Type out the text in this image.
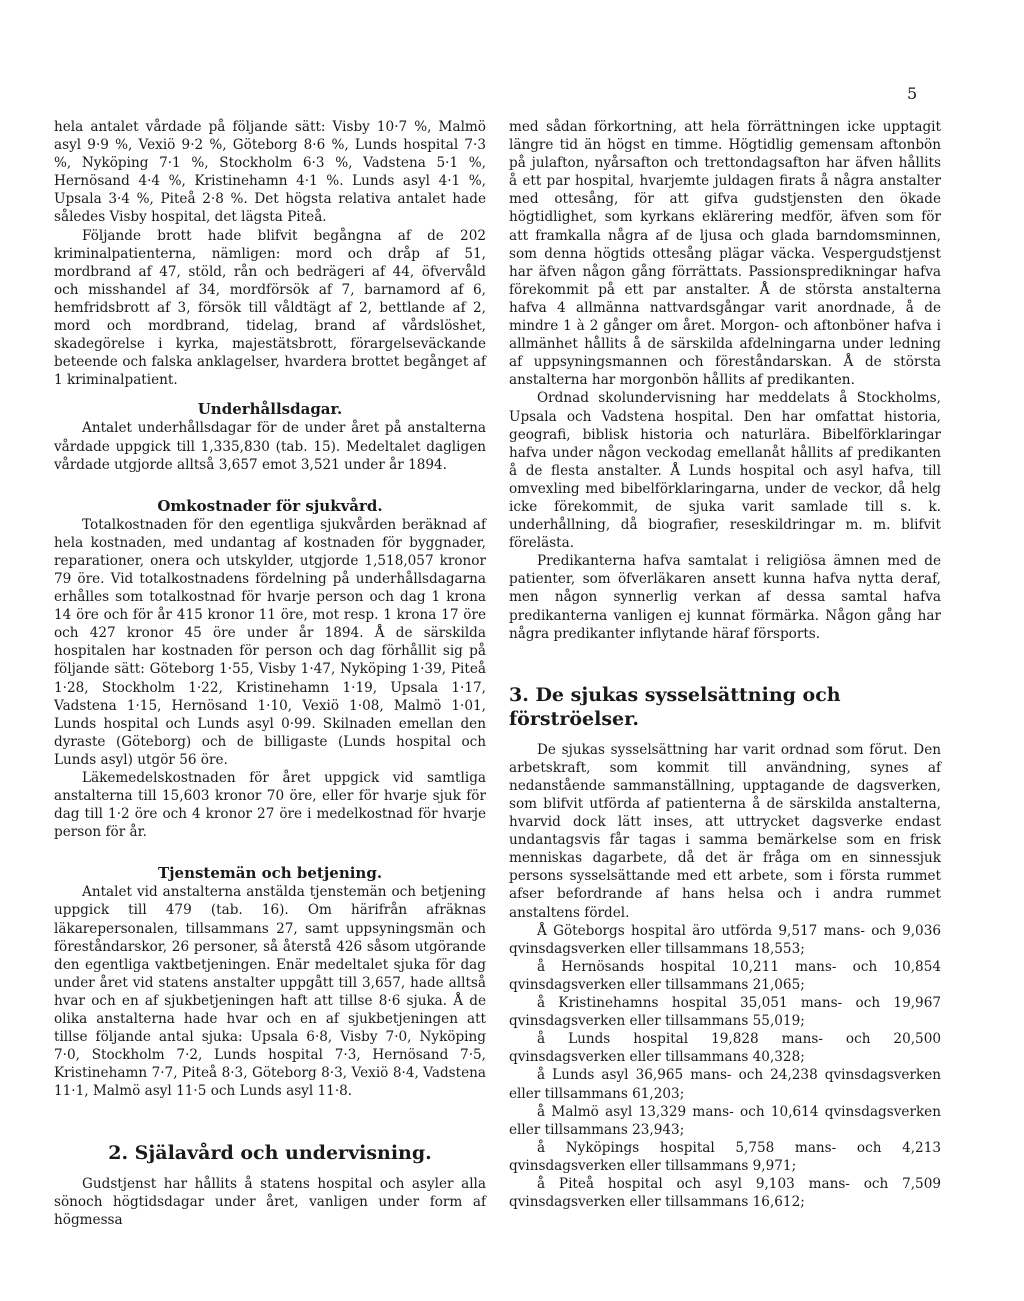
5

hela antalet vårdade på följande sätt: Visby 10·7 %, Malmö asyl 9·9 %, Vexiö 9·2 %, Göteborg 8·6 %, Lunds hospital 7·3 %, Nyköping 7·1 %, Stockholm 6·3 %, Vadstena 5·1 %, Hernösand 4·4 %, Kristinehamn 4·1 %. Lunds asyl 4·1 %, Upsala 3·4 %, Piteå 2·8 %. Det högsta relativa antalet hade således Visby hospital, det lägsta Piteå.

Följande brott hade blifvit begångna af de 202 kriminalpatienterna, nämligen: mord och dråp af 51, mordbrand af 47, stöld, rån och bedrägeri af 44, öfvervåld och misshandel af 34, mordförsök af 7, barnamord af 6, hemfridsbrott af 3, försök till våldtägt af 2, bettlande af 2, mord och mordbrand, tidelag, brand af vårdslöshet, skadegörelse i kyrka, majestätsbrott, förargelseväckande beteende och falska anklagelser, hvardera brottet begånget af 1 kriminalpatient.

Underhållsdagar.

Antalet underhållsdagar för de under året på anstalterna vårdade uppgick till 1,335,830 (tab. 15). Medeltalet dagligen vårdade utgjorde alltså 3,657 emot 3,521 under år 1894.

Omkostnader för sjukvård.

Totalkostnaden för den egentliga sjukvården beräknad af hela kostnaden, med undantag af kostnaden för byggnader, reparationer, onera och utskylder, utgjorde 1,518,057 kronor 79 öre. Vid totalkostnadens fördelning på underhållsdagarna erhålles som totalkostnad för hvarje person och dag 1 krona 14 öre och för år 415 kronor 11 öre, mot resp. 1 krona 17 öre och 427 kronor 45 öre under år 1894. Å de särskilda hospitalen har kostnaden för person och dag förhållit sig på följande sätt: Göteborg 1·55, Visby 1·47, Nyköping 1·39, Piteå 1·28, Stockholm 1·22, Kristinehamn 1·19, Upsala 1·17, Vadstena 1·15, Hernösand 1·10, Vexiö 1·08, Malmö 1·01, Lunds hospital och Lunds asyl 0·99. Skilnaden emellan den dyraste (Göteborg) och de billigaste (Lunds hospital och Lunds asyl) utgör 56 öre.

Läkemedelskostnaden för året uppgick vid samtliga anstalterna till 15,603 kronor 70 öre, eller för hvarje sjuk för dag till 1·2 öre och 4 kronor 27 öre i medelkostnad för hvarje person för år.

Tjenstemän och betjening.

Antalet vid anstalterna anstälda tjenstemän och betjening uppgick till 479 (tab. 16). Om härifrån afräknas läkarepersonalen, tillsammans 27, samt uppsyningsmän och föreståndarskor, 26 personer, så återstå 426 såsom utgörande den egentliga vaktbetjeningen. Enär medeltalet sjuka för dag under året vid statens anstalter uppgått till 3,657, hade alltså hvar och en af sjukbetjeningen haft att tillse 8·6 sjuka. Å de olika anstalterna hade hvar och en af sjukbetjeningen att tillse följande antal sjuka: Upsala 6·8, Visby 7·0, Nyköping 7·0, Stockholm 7·2, Lunds hospital 7·3, Hernösand 7·5, Kristinehamn 7·7, Piteå 8·3, Göteborg 8·3, Vexiö 8·4, Vadstena 11·1, Malmö asyl 11·5 och Lunds asyl 11·8.

2. Själavård och undervisning.

Gudstjenst har hållits å statens hospital och asyler alla sönoch högtidsdagar under året, vanligen under form af högmessa

med sådan förkortning, att hela förrättningen icke upptagit längre tid än högst en timme. Högtidlig gemensam aftonbön på julafton, nyårsafton och trettondagsafton har äfven hållits å ett par hospital, hvarjemte juldagen firats å några anstalter med ottesång, för att gifva gudstjensten den ökade högtidlighet, som kyrkans eklärering medför, äfven som för att framkalla några af de ljusa och glada barndomsminnen, som denna högtids ottesång plägar väcka. Vespergudstjenst har äfven någon gång förrättats. Passionspredikningar hafva förekommit på ett par anstalter. Å de största anstalterna hafva 4 allmänna nattvardsgångar varit anordnade, å de mindre 1 à 2 gånger om året. Morgon- och aftonböner hafva i allmänhet hållits å de särskilda afdelningarna under ledning af uppsyningsmannen och föreståndarskan. Å de största anstalterna har morgonbön hållits af predikanten.

Ordnad skolundervisning har meddelats å Stockholms, Upsala och Vadstena hospital. Den har omfattat historia, geografi, biblisk historia och naturlära. Bibelförklaringar hafva under någon veckodag emellanåt hållits af predikanten å de flesta anstalter. Å Lunds hospital och asyl hafva, till omvexling med bibelförklaringarna, under de veckor, då helg icke förekommit, de sjuka varit samlade till s. k. underhållning, då biografier, reseskildringar m. m. blifvit förelästa.

Predikanterna hafva samtalat i religiösa ämnen med de patienter, som öfverläkaren ansett kunna hafva nytta deraf, men någon synnerlig verkan af dessa samtal hafva predikanterna vanligen ej kunnat förmärka. Någon gång har några predikanter inflytande häraf försports.

3. De sjukas sysselsättning och förströelser.

De sjukas sysselsättning har varit ordnad som förut. Den arbetskraft, som kommit till användning, synes af nedanstående sammanställning, upptagande de dagsverken, som blifvit utförda af patienterna å de särskilda anstalterna, hvarvid dock lätt inses, att uttrycket dagsverke endast undantagsvis får tagas i samma bemärkelse som en frisk menniskas dagarbete, då det är fråga om en sinnessjuk persons sysselsättande med ett arbete, som i första rummet afser befordrande af hans helsa och i andra rummet anstaltens fördel.

Å Göteborgs hospital äro utförda 9,517 mans- och 9,036 qvinsdagsverken eller tillsammans 18,553;

å Hernösands hospital 10,211 mans- och 10,854 qvinsdagsverken eller tillsammans 21,065;

å Kristinehamns hospital 35,051 mans- och 19,967 qvinsdagsverken eller tillsammans 55,019;

å Lunds hospital 19,828 mans- och 20,500 qvinsdagsverken eller tillsammans 40,328;

å Lunds asyl 36,965 mans- och 24,238 qvinsdagsverken eller tillsammans 61,203;

å Malmö asyl 13,329 mans- och 10,614 qvinsdagsverken eller tillsammans 23,943;

å Nyköpings hospital 5,758 mans- och 4,213 qvinsdagsverken eller tillsammans 9,971;

å Piteå hospital och asyl 9,103 mans- och 7,509 qvinsdagsverken eller tillsammans 16,612;
